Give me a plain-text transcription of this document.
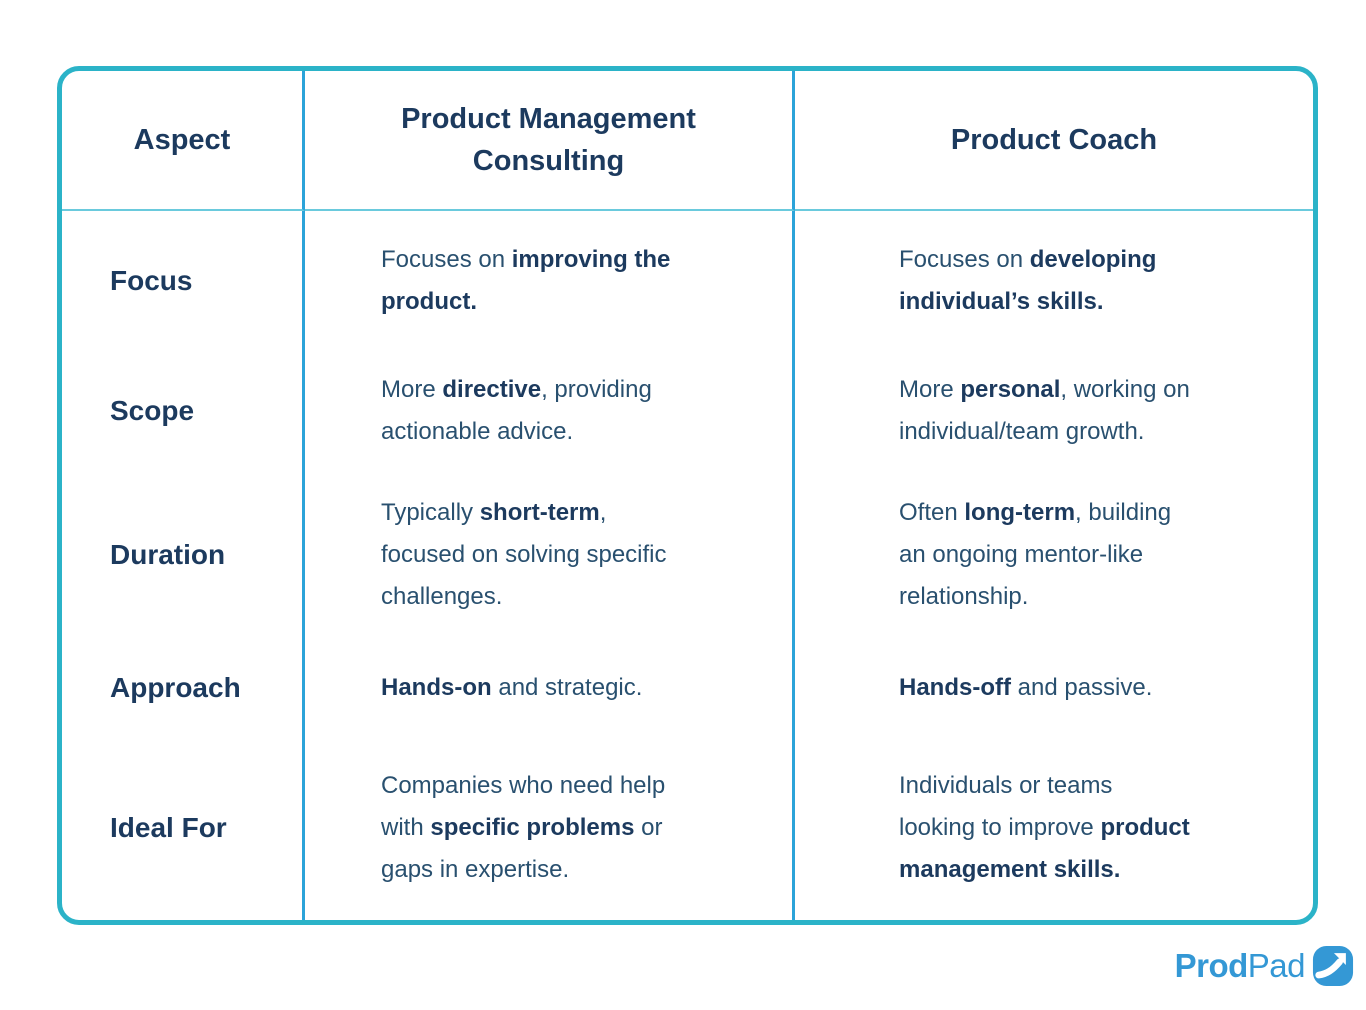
Aspect
Product Management Consulting
Product Coach
Focus
Focuses on improving the
product.
Focuses on developing
individual’s skills.
Scope
More directive, providing
actionable advice.
More personal, working on
individual/team growth.
Duration
Typically short-term,
focused on solving specific
challenges.
Often long-term, building
an ongoing mentor-like
relationship.
Approach	Hands-on and strategic.	Hands-off and passive.
Ideal For
Companies who need help
with specific problems or
gaps in expertise.
Individuals or teams
looking to improve product
management skills.
ProdPad
